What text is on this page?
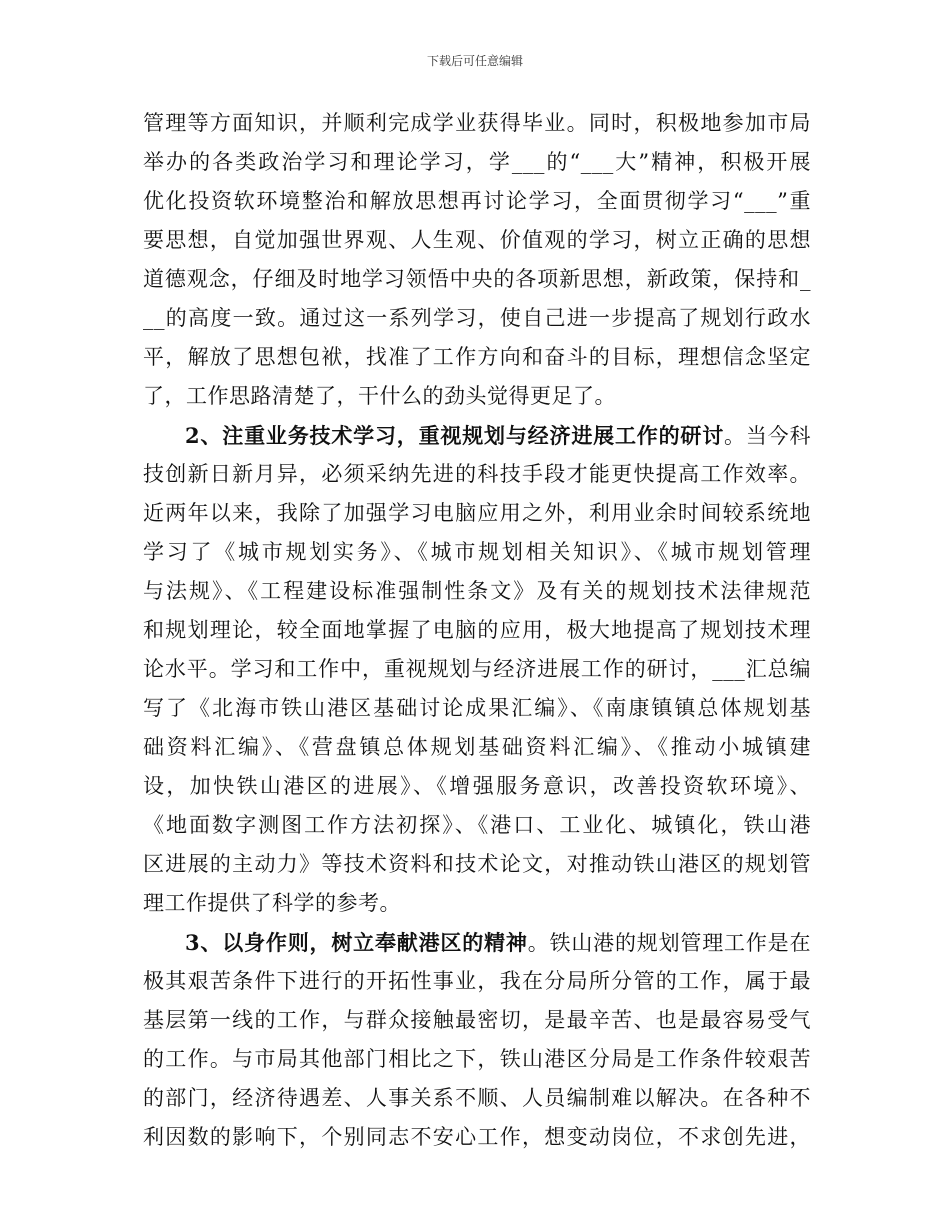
下载后可任意编辑
管理等方面知识，并顺利完成学业获得毕业。同时，积极地参加市局
举办的各类政治学习和理论学习，学___的“___大”精神，积极开展
优化投资软环境整治和解放思想再讨论学习，全面贯彻学习“___”重
要思想，自觉加强世界观、人生观、价值观的学习，树立正确的思想
道德观念，仔细及时地学习领悟中央的各项新思想，新政策，保持和_
__的高度一致。通过这一系列学习，使自己进一步提高了规划行政水
平，解放了思想包袱，找准了工作方向和奋斗的目标，理想信念坚定
了，工作思路清楚了，干什么的劲头觉得更足了。
2、注重业务技术学习，重视规划与经济进展工作的研讨。当今科
技创新日新月异，必须采纳先进的科技手段才能更快提高工作效率。
近两年以来，我除了加强学习电脑应用之外，利用业余时间较系统地
学习了《城市规划实务》、《城市规划相关知识》、《城市规划管理
与法规》、《工程建设标准强制性条文》及有关的规划技术法律规范
和规划理论，较全面地掌握了电脑的应用，极大地提高了规划技术理
论水平。学习和工作中，重视规划与经济进展工作的研讨，___汇总编
写了《北海市铁山港区基础讨论成果汇编》、《南康镇镇总体规划基
础资料汇编》、《营盘镇总体规划基础资料汇编》、《推动小城镇建
设，加快铁山港区的进展》、《增强服务意识，改善投资软环境》、
《地面数字测图工作方法初探》、《港口、工业化、城镇化，铁山港
区进展的主动力》等技术资料和技术论文，对推动铁山港区的规划管
理工作提供了科学的参考。
3、以身作则，树立奉献港区的精神。铁山港的规划管理工作是在
极其艰苦条件下进行的开拓性事业，我在分局所分管的工作，属于最
基层第一线的工作，与群众接触最密切，是最辛苦、也是最容易受气
的工作。与市局其他部门相比之下，铁山港区分局是工作条件较艰苦
的部门，经济待遇差、人事关系不顺、人员编制难以解决。在各种不
利因数的影响下，个别同志不安心工作，想变动岗位，不求创先进，
